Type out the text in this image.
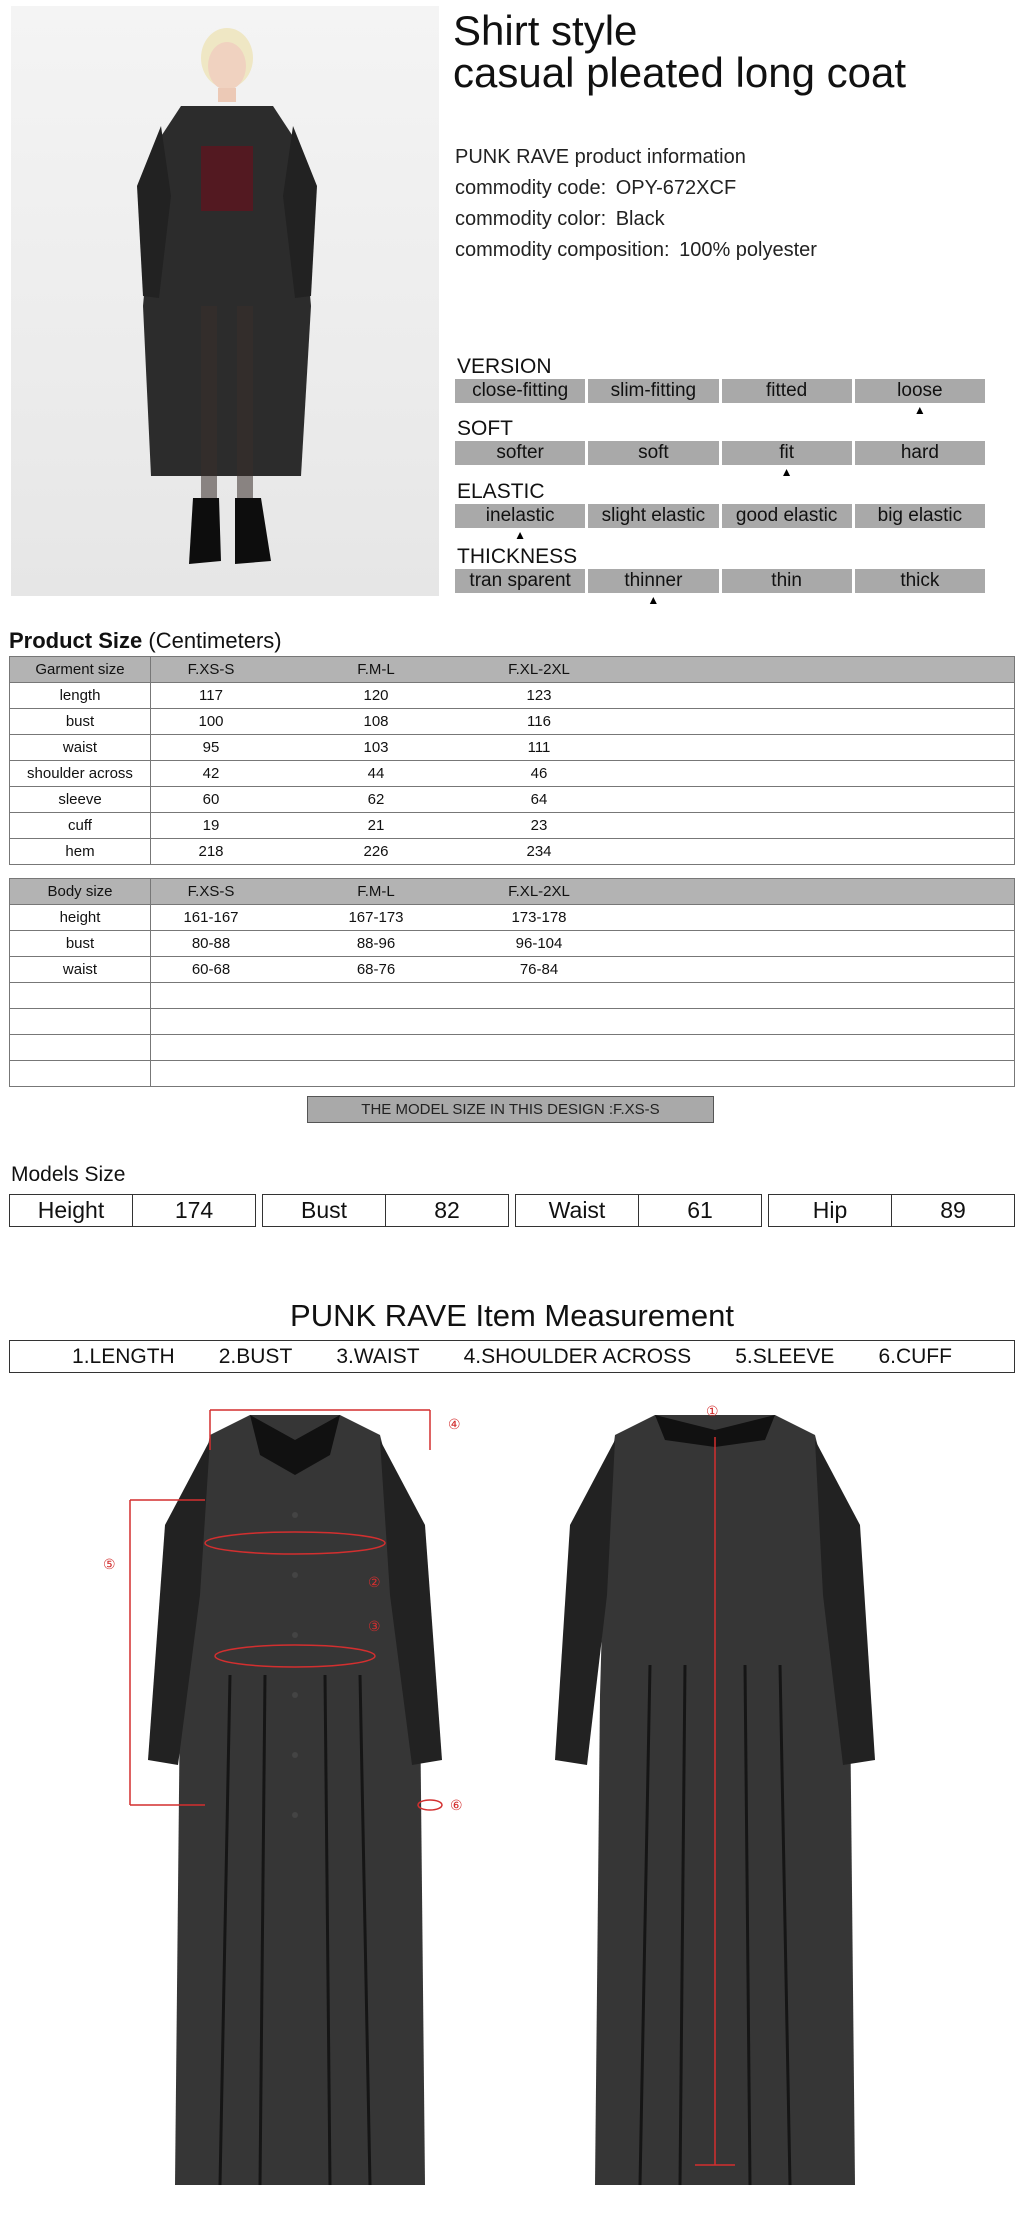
Shirt style
casual pleated long coat
PUNK RAVE product information
commodity code: OPY-672XCF
commodity color: Black
commodity composition: 100% polyester
VERSION
close-fitting	slim-fitting	fitted	loose
▲
SOFT
softer	soft	fit	hard
▲
ELASTIC
inelastic	slight elastic	good elastic	big elastic
▲
THICKNESS
tran sparent	thinner	thin	thick
▲
Product Size (Centimeters)
Garment size	F.XS-S F.M-L F.XL-2XL

length	117 120 123

bust	100 108 116

waist	95 103 111

shoulder across	42 44 46

sleeve	60 62 64

cuff	19 21 23

hem	218 226 234
Body size	F.XS-S F.M-L F.XL-2XL

height	161-167 167-173 173-178

bust	80-88 88-96 96-104

waist	60-68 68-76 76-84

THE MODEL SIZE IN THIS DESIGN :F.XS-S
Models Size
Height	174	Bust	82	Waist	61	Hip	89
PUNK RAVE Item Measurement
1.LENGTH 2.BUST 3.WAIST 4.SHOULDER ACROSS 5.SLEEVE 6.CUFF
④
⑤
②
③
⑥
①
